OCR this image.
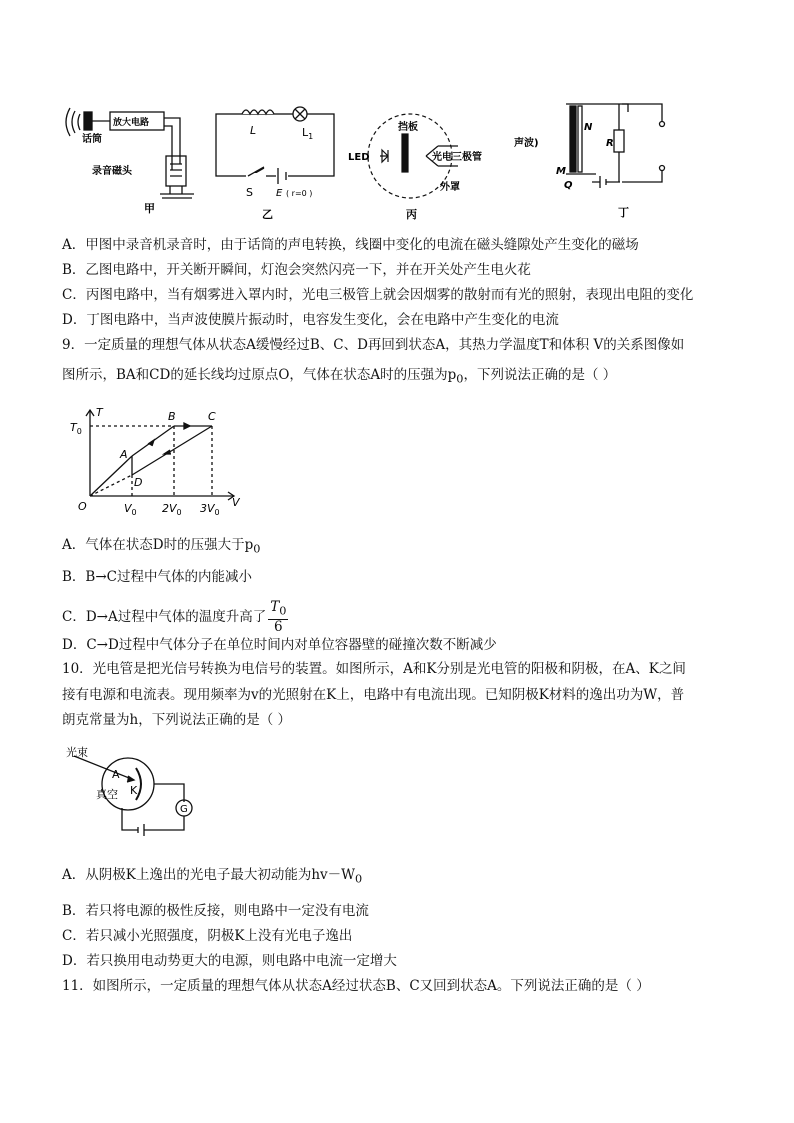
话筒
放大电路
录音磁头
甲
L	$L_1$
S E ( r=0 )
乙
挡板
LED	光电三极管
外罩
丙
声波)
N
R
M
Q
丁
A．甲图中录音机录音时，由于话筒的声电转换，线圈中变化的电流在磁头缝隙处产生变化的磁场
B．乙图电路中，开关断开瞬间，灯泡会突然闪亮一下，并在开关处产生电火花
C．丙图电路中，当有烟雾进入罩内时，光电三极管上就会因烟雾的散射而有光的照射，表现出电阻的变化
D．丁图电路中，当声波使膜片振动时，电容发生变化，会在电路中产生变化的电流
9．一定质量的理想气体从状态A缓慢经过B、C、D再回到状态A，其热力学温度T和体积 V的关系图像如
图所示，BA和CD的延长线均过原点O，气体在状态A时的压强为$p_0$，下列说法正确的是（ ）
T
$T_0$
O	V
$V_0$ $2V_0$ $3V_0$
A
B	C
D
A．气体在状态D时的压强大于$p_0$
B．B→C过程中气体的内能减小
C．D→A过程中气体的温度升高了 $\frac{T_0}{6}$
D．C→D过程中气体分子在单位时间内对单位容器壁的碰撞次数不断减少
10．光电管是把光信号转换为电信号的装置。如图所示，A和K分别是光电管的阳极和阴极，在A、K之间
接有电源和电流表。现用频率为v的光照射在K上，电路中有电流出现。已知阴极K材料的逸出功为W，普
朗克常量为h，下列说法正确的是（ ）
光束
A
K
真空
G
A．从阴极K上逸出的光电子最大初动能为$hv-W_0$
B．若只将电源的极性反接，则电路中一定没有电流
C．若只减小光照强度，阴极K上没有光电子逸出
D．若只换用电动势更大的电源，则电路中电流一定增大
11．如图所示，一定质量的理想气体从状态A经过状态B、C又回到状态A。下列说法正确的是（ ）
